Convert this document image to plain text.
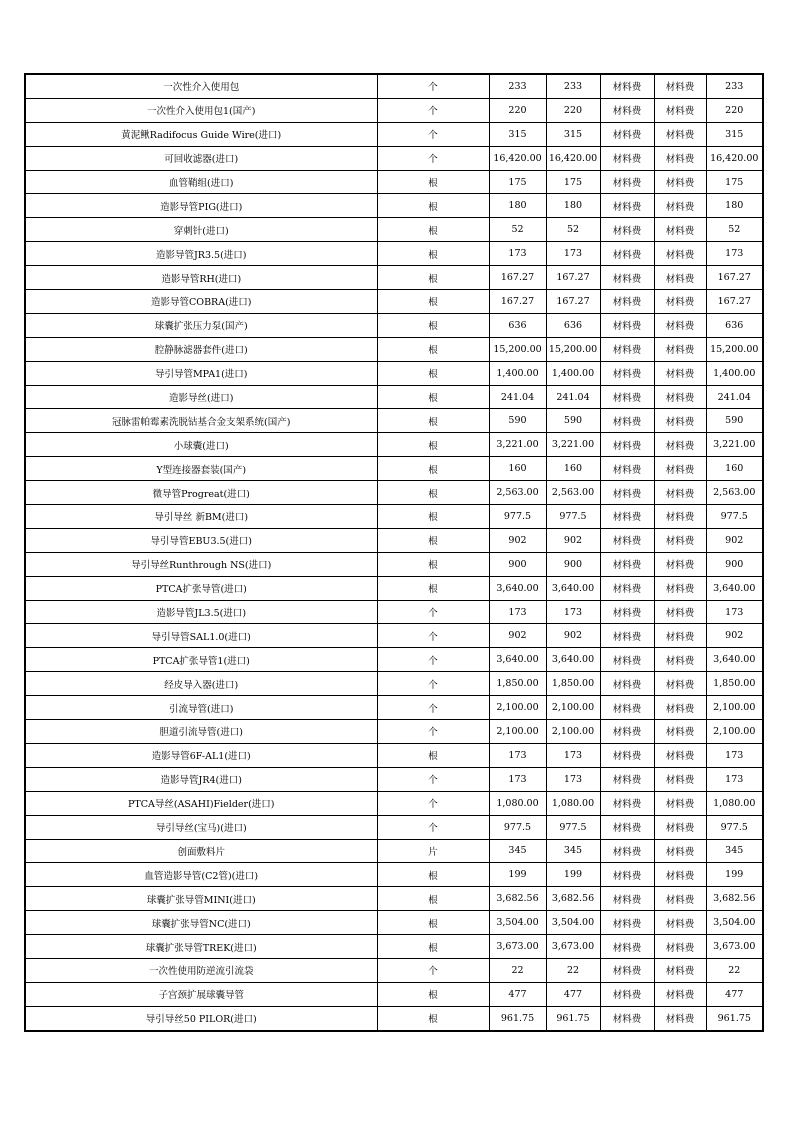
一次性介入使用包	个	233	233	材料费	材料费	233
一次性介入使用包1(国产)	个	220	220	材料费	材料费	220
黄泥鳅Radifocus Guide Wire(进口)	个	315	315	材料费	材料费	315
可回收滤器(进口)	个	16,420.00	16,420.00	材料费	材料费	16,420.00
血管鞘组(进口)	根	175	175	材料费	材料费	175
造影导管PIG(进口)	根	180	180	材料费	材料费	180
穿刺针(进口)	根	52	52	材料费	材料费	52
造影导管JR3.5(进口)	根	173	173	材料费	材料费	173
造影导管RH(进口)	根	167.27	167.27	材料费	材料费	167.27
造影导管COBRA(进口)	根	167.27	167.27	材料费	材料费	167.27
球囊扩张压力泵(国产)	根	636	636	材料费	材料费	636
腔静脉滤器套件(进口)	根	15,200.00	15,200.00	材料费	材料费	15,200.00
导引导管MPA1(进口)	根	1,400.00	1,400.00	材料费	材料费	1,400.00
造影导丝(进口)	根	241.04	241.04	材料费	材料费	241.04
冠脉雷帕霉素洗脱钴基合金支架系统(国产)	根	590	590	材料费	材料费	590
小球囊(进口)	根	3,221.00	3,221.00	材料费	材料费	3,221.00
Y型连接器套装(国产)	根	160	160	材料费	材料费	160
微导管Progreat(进口)	根	2,563.00	2,563.00	材料费	材料费	2,563.00
导引导丝 新BM(进口)	根	977.5	977.5	材料费	材料费	977.5
导引导管EBU3.5(进口)	根	902	902	材料费	材料费	902
导引导丝Runthrough NS(进口)	根	900	900	材料费	材料费	900
PTCA扩张导管(进口)	根	3,640.00	3,640.00	材料费	材料费	3,640.00
造影导管JL3.5(进口)	个	173	173	材料费	材料费	173
导引导管SAL1.0(进口)	个	902	902	材料费	材料费	902
PTCA扩张导管1(进口)	个	3,640.00	3,640.00	材料费	材料费	3,640.00
经皮导入器(进口)	个	1,850.00	1,850.00	材料费	材料费	1,850.00
引流导管(进口)	个	2,100.00	2,100.00	材料费	材料费	2,100.00
胆道引流导管(进口)	个	2,100.00	2,100.00	材料费	材料费	2,100.00
造影导管6F-AL1(进口)	根	173	173	材料费	材料费	173
造影导管JR4(进口)	个	173	173	材料费	材料费	173
PTCA导丝(ASAHI)Fielder(进口)	个	1,080.00	1,080.00	材料费	材料费	1,080.00
导引导丝(宝马)(进口)	个	977.5	977.5	材料费	材料费	977.5
创面敷料片	片	345	345	材料费	材料费	345
血管造影导管(C2管)(进口)	根	199	199	材料费	材料费	199
球囊扩张导管MINI(进口)	根	3,682.56	3,682.56	材料费	材料费	3,682.56
球囊扩张导管NC(进口)	根	3,504.00	3,504.00	材料费	材料费	3,504.00
球囊扩张导管TREK(进口)	根	3,673.00	3,673.00	材料费	材料费	3,673.00
一次性使用防逆流引流袋	个	22	22	材料费	材料费	22
子宫颈扩展球囊导管	根	477	477	材料费	材料费	477
导引导丝50 PILOR(进口)	根	961.75	961.75	材料费	材料费	961.75
